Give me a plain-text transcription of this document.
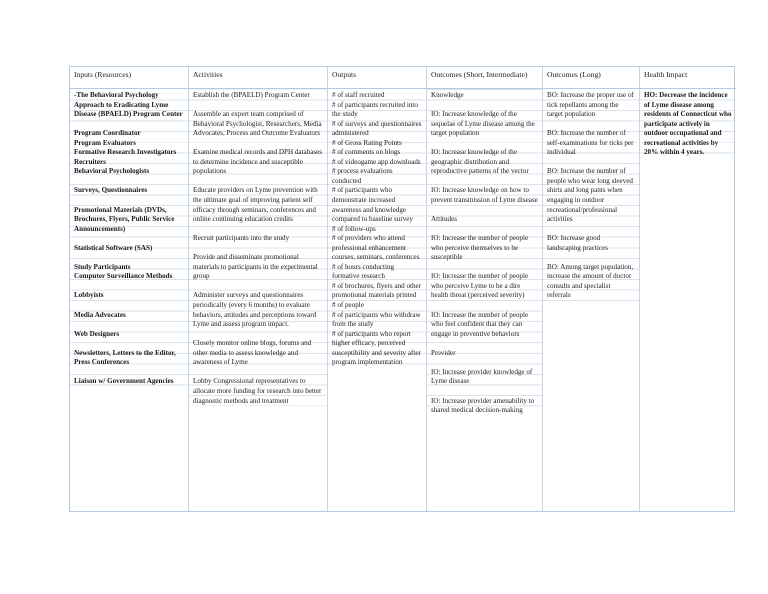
Inputs (Resources)

-The Behavioral Psychology Approach to Eradicating Lyme Disease (BPAELD) Program Center

Program Coordinator

Program Evaluators

Formative Research Investigators

Recruiters

Behavioral Psychologists

Surveys, Questionnaires

Promotional Materials (DVDs, Brochures, Flyers, Public Service Announcements)

Statistical Software (SAS)

Study Participants

Computer Surveillance Methods

Lobbyists

Media Advocates

Web Designers

Newsletters, Letters to the Editor, Press Conferences

Liaison w/ Government Agencies

Activities

Establish the (BPAELD) Program Center

Assemble an expert team comprised of Behavioral Psychologist, Researchers, Media Advocates, Process and Outcome Evaluators

Examine medical records and DPH databases to determine incidence and susceptible populations

Educate providers on Lyme prevention with the ultimate goal of improving patient self efficacy through seminars, conferences and online continuing education credits

Recruit participants into the study

Provide and disseminate promotional materials to participants in the experimental group

Administer surveys and questionnaires periodically (every 6 months) to evaluate behaviors, attitudes and perceptions toward Lyme and assess program impact.

Closely monitor online blogs, forums and other media to assess knowledge and awareness of Lyme

Lobby Congressional representatives to allocate more funding for research into better diagnostic methods and treatment

Outputs

# of staff recruited

# of participants recruited into the study

# of surveys and questionnaires administered

# of Gross Rating Points

# of comments on blogs

# of videogame app downloads

# process evaluations conducted

# of participants who demonstrate increased awareness and knowledge compared to baseline survey

# of follow-ups

# of providers who attend professional enhancement courses, seminars, conferences

# of hours conducting formative research

# of brochures, flyers and other promotional materials printed

# of people

# of participants who withdraw from the study

# of participants who report higher efficacy, perceived susceptibility and severity after program implementation

Outcomes (Short, Intermediate)

Knowledge

IO: Increase knowledge of the sequelae of Lyme disease among the target population

IO: Increase knowledge of the geographic distribution and reproductive patterns of the vector

IO: Increase knowledge on how to prevent transmission of Lyme disease

Attitudes

IO: Increase the number of people who perceive themselves to be susceptible

IO: Increase the number of people who perceive Lyme to be a dire health threat (perceived severity)

IO: Increase the number of people who feel confident that they can engage in preventive behaviors

Provider

IO: Increase provider knowledge of Lyme disease

IO: Increase provider amenability to shared medical decision-making

Outcomes (Long)

BO: Increase the proper use of tick repellants among the target population

BO: Increase the number of self-examinations for ticks per individual

BO: Increase the number of people who wear long sleeved shirts and long pants when engaging in outdoor recreational/professional activities

BO: Increase good landscaping practices

BO: Among target population, increase the amount of doctor consults and specialist referrals

Health Impact

HO: Decrease the incidence of Lyme disease among residents of Connecticut who participate actively in outdoor occupational and recreational activities by 20% within 4 years.
